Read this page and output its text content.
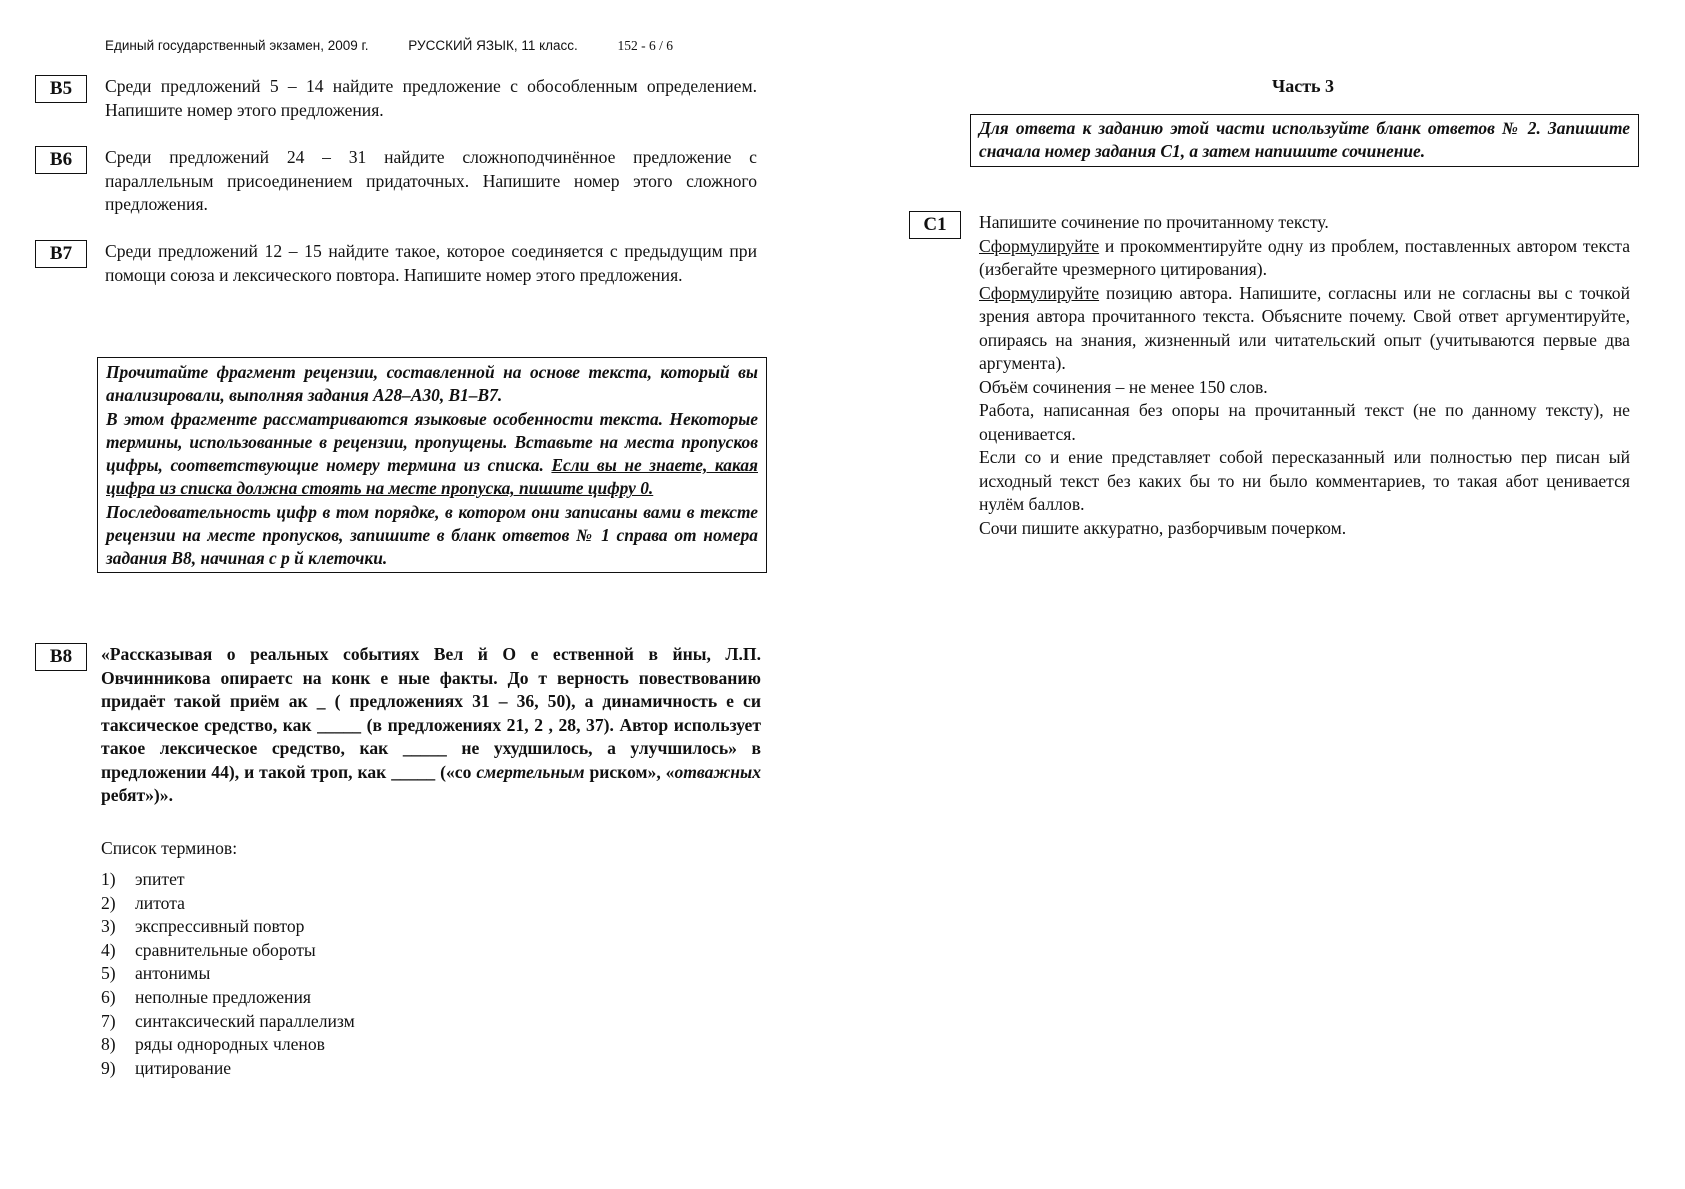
Единый государственный экзамен, 2009 г.	РУССКИЙ ЯЗЫК, 11 класс.	152 - 6 / 6
В5	Среди предложений 5 – 14 найдите предложение с обособленным определением. Напишите номер этого предложения.
В6	Среди предложений 24 – 31 найдите сложноподчинённое предложение с параллельным присоединением придаточных. Напишите номер этого сложного предложения.
В7	Среди предложений 12 – 15 найдите такое, которое соединяется с предыдущим при помощи союза и лексического повтора. Напишите номер этого предложения.

Прочитайте фрагмент рецензии, составленной на основе текста, который вы анализировали, выполняя задания А28–А30, В1–В7.

В этом фрагменте рассматриваются языковые особенности текста. Некоторые термины, использованные в рецензии, пропущены. Вставьте на места пропусков цифры, соответствующие номеру термина из списка. Если вы не знаете, какая цифра из списка должна стоять на месте пропуска, пишите цифру 0.

Последовательность цифр в том порядке, в котором они записаны вами в тексте рецензии на месте пропусков, запишите в бланк ответов № 1 справа от номера задания В8, начиная с р й клеточки.

В8	«Рассказывая о реальных событиях Вел й О е ественной в йны, Л.П. Овчинникова опираетс на конк е ные факты. До т верность повествованию придаёт такой приём ак _ ( предложениях 31 – 36, 50), а динамичность е си таксическое средство, как _____ (в предложениях 21, 2 , 28, 37). Автор использует такое лексическое средство, как _____ не ухудшилось, а улучшилось» в предложении 44), и такой троп, как _____ («со смертельным риском», «отважных ребят»)».
Список терминов:
1) эпитет
2) литота
3) экспрессивный повтор
4) сравнительные обороты
5) антонимы
6) неполные предложения
7) синтаксический параллелизм
8) ряды однородных членов
9) цитирование
Часть 3
Для ответа к заданию этой части используйте бланк ответов № 2. Запишите сначала номер задания С1, а затем напишите сочинение.
С1	Напишите сочинение по прочитанному тексту.

Сформулируйте и прокомментируйте одну из проблем, поставленных автором текста (избегайте чрезмерного цитирования).

Сформулируйте позицию автора. Напишите, согласны или не согласны вы с точкой зрения автора прочитанного текста. Объясните почему. Свой ответ аргументируйте, опираясь на знания, жизненный или читательский опыт (учитываются первые два аргумента).

Объём сочинения – не менее 150 слов.

Работа, написанная без опоры на прочитанный текст (не по данному тексту), не оценивается.

Если со и ение представляет собой пересказанный или полностью пер писан ый исходный текст без каких бы то ни было комментариев, то такая абот ценивается нулём баллов.

Сочи пишите аккуратно, разборчивым почерком.
